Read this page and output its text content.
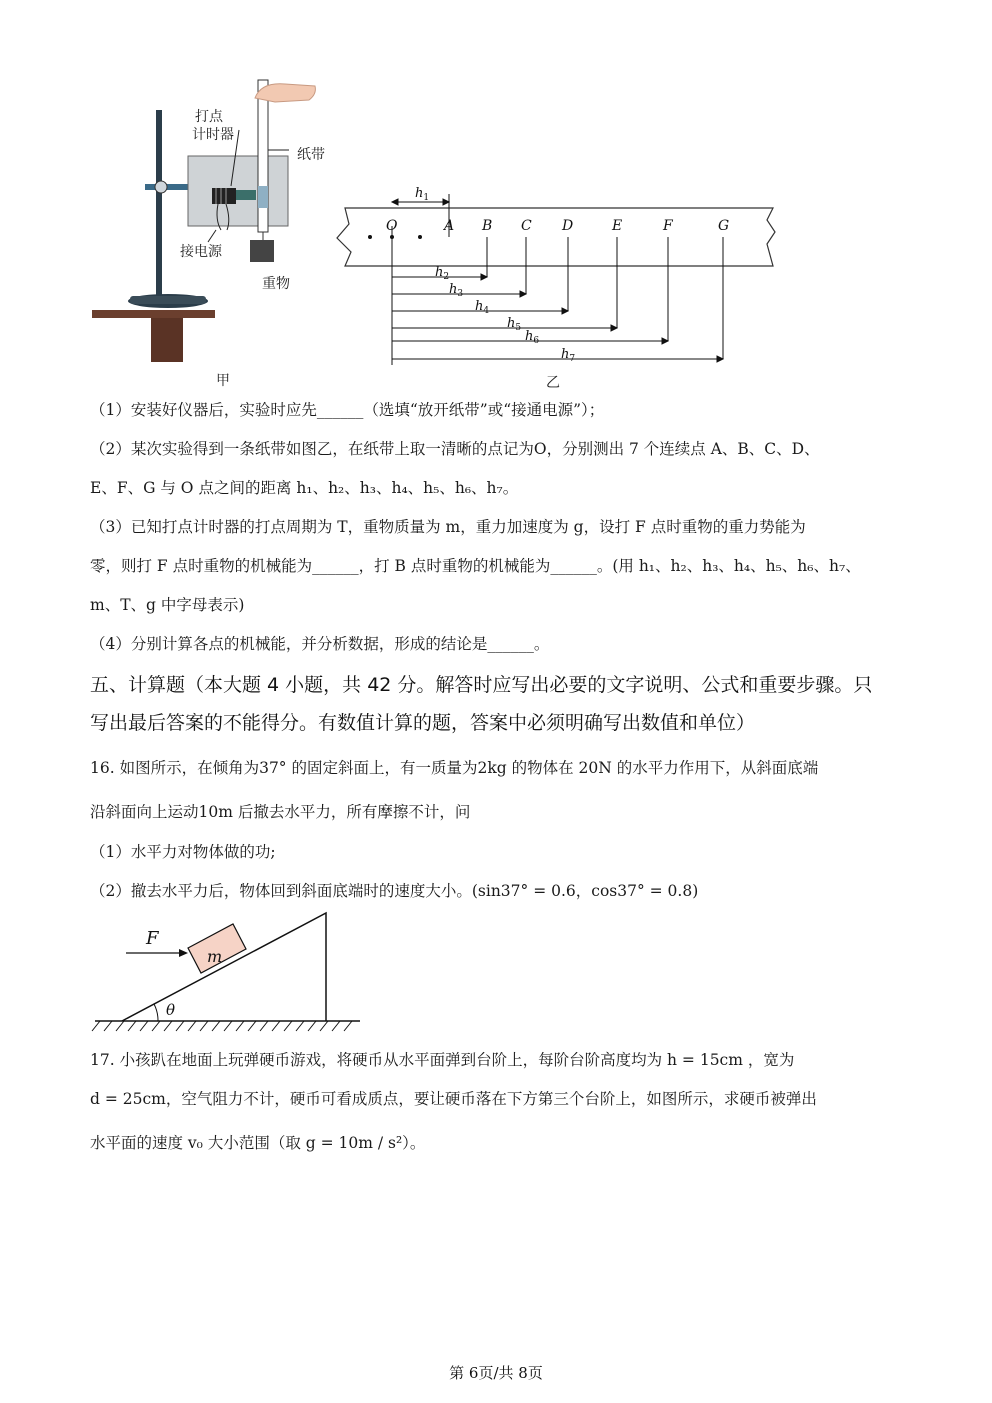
打点
计时器
纸带
接电源
重物
甲
O	A B C D	E	F	G
$h_1$
$h_2$
$h_3$
$h_4$
$h_5$
$h_6$
$h_7$
乙
（1）安装好仪器后，实验时应先______（选填“放开纸带”或“接通电源”）；
（2）某次实验得到一条纸带如图乙，在纸带上取一清晰的点记为O，分别测出 7 个连续点 A、B、C、D、
E、F、G 与 O 点之间的距离 h₁、h₂、h₃、h₄、h₅、h₆、h₇。
（3）已知打点计时器的打点周期为 T，重物质量为 m，重力加速度为 g，设打 F 点时重物的重力势能为
零，则打 F 点时重物的机械能为______，打 B 点时重物的机械能为______。(用 h₁、h₂、h₃、h₄、h₅、h₆、h₇、
m、T、g 中字母表示)
（4）分别计算各点的机械能，并分析数据，形成的结论是______。
五、计算题（本大题 4 小题，共 42 分。解答时应写出必要的文字说明、公式和重要步骤。只
写出最后答案的不能得分。有数值计算的题，答案中必须明确写出数值和单位）
16. 如图所示，在倾角为37° 的固定斜面上，有一质量为2kg 的物体在 20N 的水平力作用下，从斜面底端
沿斜面向上运动10m 后撤去水平力，所有摩擦不计，问
（1）水平力对物体做的功;
（2）撤去水平力后，物体回到斜面底端时的速度大小。(sin37° = 0.6，cos37° = 0.8)
F
m
θ
17. 小孩趴在地面上玩弹硬币游戏，将硬币从水平面弹到台阶上，每阶台阶高度均为 h = 15cm ，宽为
d = 25cm，空气阻力不计，硬币可看成质点，要让硬币落在下方第三个台阶上，如图所示，求硬币被弹出
水平面的速度 v₀ 大小范围（取 g = 10m / s²）。
第 6页/共 8页
